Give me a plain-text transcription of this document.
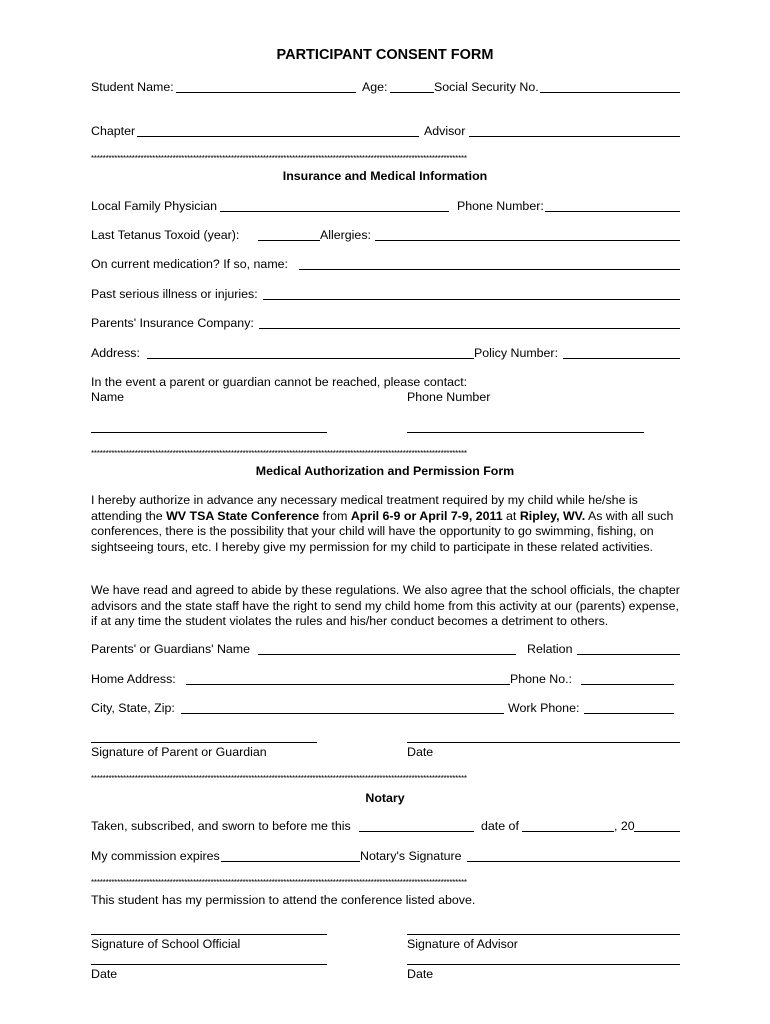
PARTICIPANT CONSENT FORM
Student Name:	Age:	Social Security No.
Chapter	Advisor
*********************************************************************************************************************************
Insurance and Medical Information
Local Family Physician	Phone Number:
Last Tetanus Toxoid (year):	Allergies:
On current medication? If so, name:
Past serious illness or injuries:
Parents' Insurance Company:
Address:	Policy Number:
In the event a parent or guardian cannot be reached, please contact:
Name	Phone Number
*********************************************************************************************************************************
Medical Authorization and Permission Form
I hereby authorize in advance any necessary medical treatment required by my child while he/she is attending the WV TSA State Conference from April 6-9 or April 7-9, 2011 at Ripley, WV. As with all such conferences, there is the possibility that your child will have the opportunity to go swimming, fishing, on sightseeing tours, etc. I hereby give my permission for my child to participate in these related activities.
We have read and agreed to abide by these regulations. We also agree that the school officials, the chapter advisors and the state staff have the right to send my child home from this activity at our (parents) expense, if at any time the student violates the rules and his/her conduct becomes a detriment to others.
Parents' or Guardians' Name	Relation
Home Address:	Phone No.:
City, State, Zip:	Work Phone:
Signature of Parent or Guardian	Date
*********************************************************************************************************************************
Notary
Taken, subscribed, and sworn to before me this	date of	, 20
My commission expires	Notary's Signature
*********************************************************************************************************************************
This student has my permission to attend the conference listed above.
Signature of School Official	Signature of Advisor
Date	Date
